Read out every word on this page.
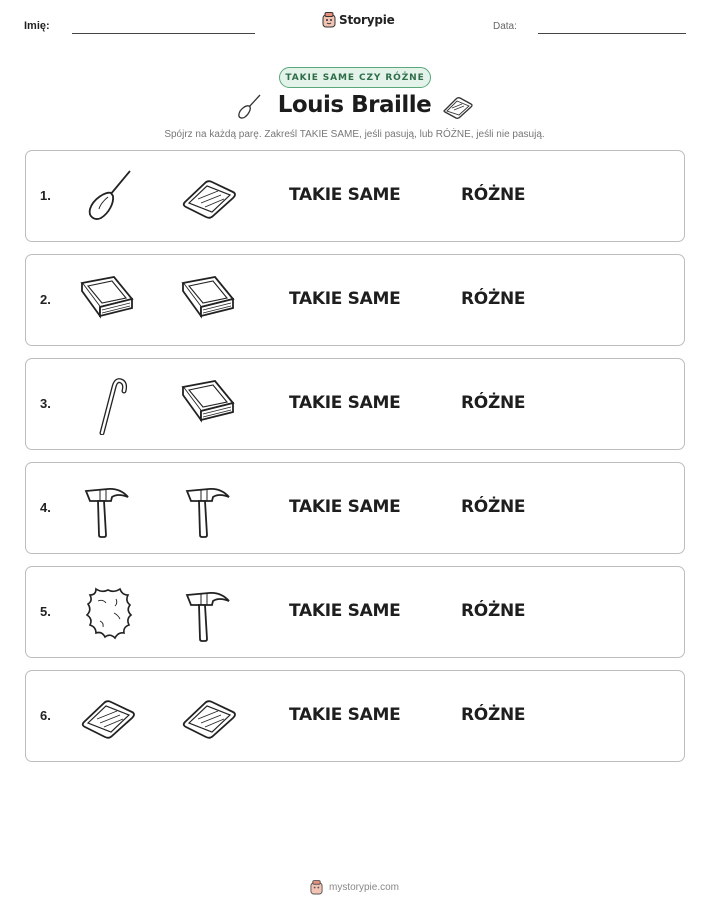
Imię:	Storypie	Data:
TAKIE SAME CZY RÓŻNE
Louis Braille
Spójrz na każdą parę. Zakreśl TAKIE SAME, jeśli pasują, lub RÓŻNE, jeśli nie pasują.
1.	TAKIE SAME	RÓŻNE
2.	TAKIE SAME	RÓŻNE
3.	TAKIE SAME	RÓŻNE
4.	TAKIE SAME	RÓŻNE
5.	TAKIE SAME	RÓŻNE
6.	TAKIE SAME	RÓŻNE
mystorypie.com
